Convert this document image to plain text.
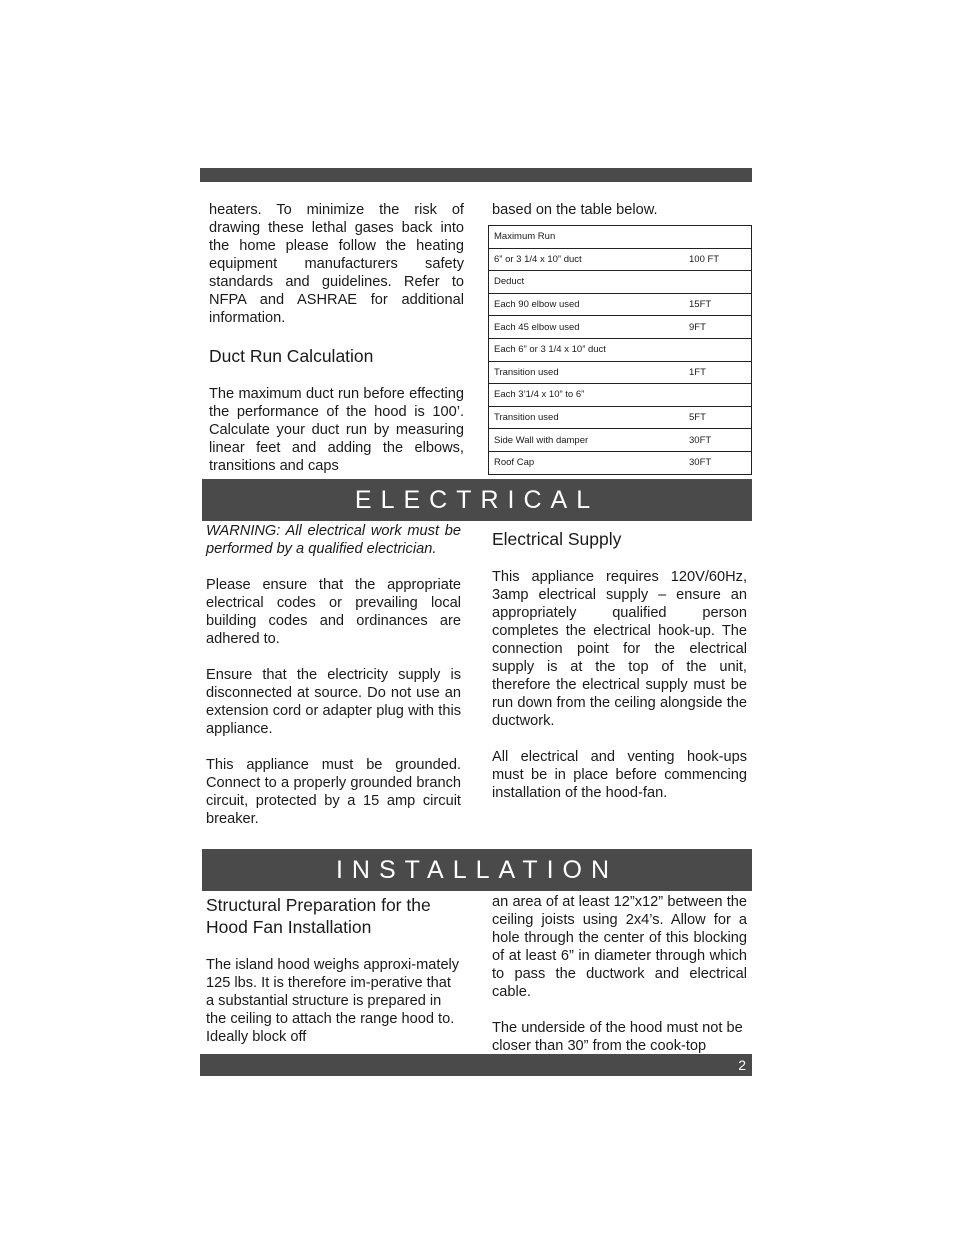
heaters. To minimize the risk of drawing these lethal gases back into the home please follow the heating equipment manufacturers safety standards and guidelines. Refer to NFPA and ASHRAE for additional information.

Duct Run Calculation

The maximum duct run before effecting the performance of the hood is 100’. Calculate your duct run by measuring linear feet and adding the elbows, transitions and caps

based on the table below.

Maximum Run	
6” or 3 1/4 x 10” duct	100 FT
Deduct	
Each 90 elbow used	15FT
Each 45 elbow used	9FT
Each 6” or 3 1/4 x 10” duct	
Transition used	1FT
Each 3’1/4 x 10” to 6”	
Transition used	5FT
Side Wall with damper	30FT
Roof Cap	30FT
ELECTRICAL

WARNING: All electrical work must be performed by a qualified electrician.

Please ensure that the appropriate electrical codes or prevailing local building codes and ordinances are adhered to.

Ensure that the electricity supply is disconnected at source. Do not use an extension cord or adapter plug with this appliance.

This appliance must be grounded. Connect to a properly grounded branch circuit, protected by a 15 amp circuit breaker.

Electrical Supply

This appliance requires 120V/60Hz, 3amp electrical supply – ensure an appropriately qualified person completes the electrical hook-up. The connection point for the electrical supply is at the top of the unit, therefore the electrical supply must be run down from the ceiling alongside the ductwork.

All electrical and venting hook-ups must be in place before commencing installation of the hood-fan.

INSTALLATION
Structural Preparation for the Hood Fan Installation

The island hood weighs approxi-mately 125 lbs. It is therefore im-perative that a substantial structure is prepared in the ceiling to attach the range hood to. Ideally block off

an area of at least 12”x12” between the ceiling joists using 2x4’s. Allow for a hole through the center of this blocking of at least 6” in diameter through which to pass the ductwork and electrical cable.

The underside of the hood must not be closer than 30” from the cook-top

2
